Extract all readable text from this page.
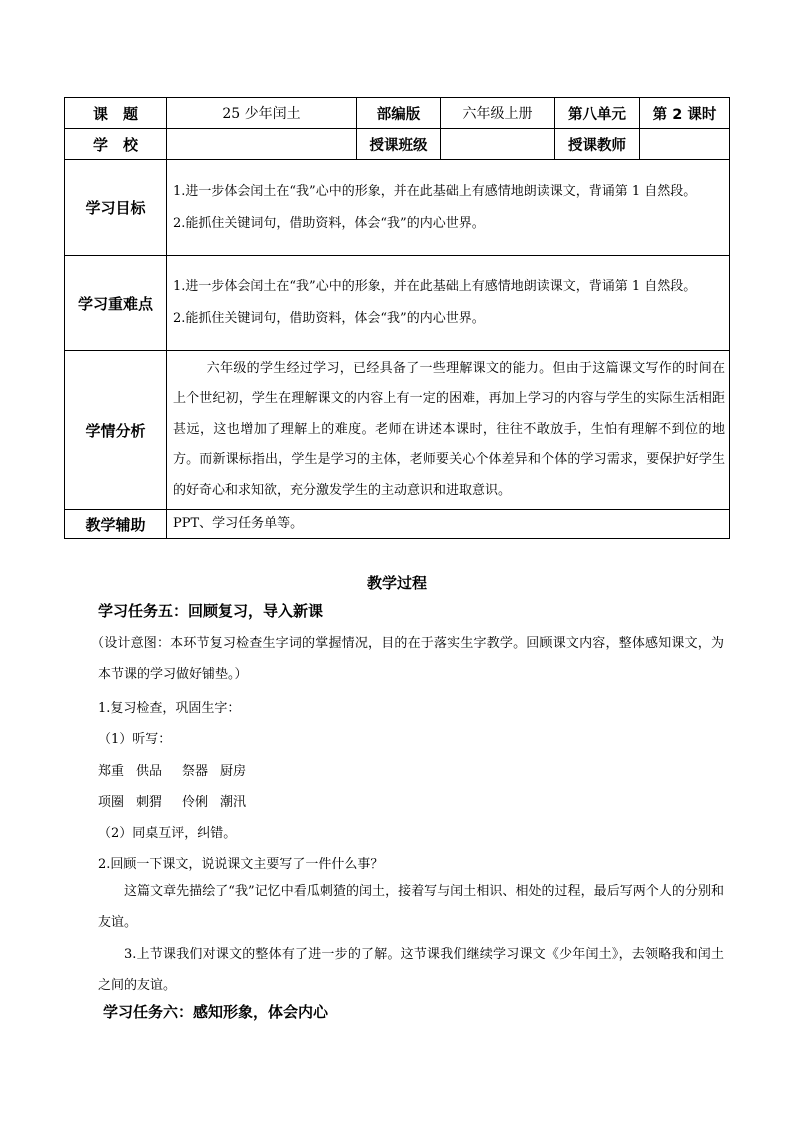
课　题	25 少年闰土	部编版	六年级上册	第八单元	第 2 课时
学　校		授课班级		授课教师	
学习目标	1.进一步体会闰土在“我”心中的形象，并在此基础上有感情地朗读课文，背诵第 1 自然段。

2.能抓住关键词句，借助资料，体会“我”的内心世界。				

学习重难点	1.进一步体会闰土在“我”心中的形象，并在此基础上有感情地朗读课文，背诵第 1 自然段。

2.能抓住关键词句，借助资料，体会“我”的内心世界。				

学情分析	六年级的学生经过学习，已经具备了一些理解课文的能力。但由于这篇课文写作的时间在上个世纪初，学生在理解课文的内容上有一定的困难，再加上学习的内容与学生的实际生活相距甚远，这也增加了理解上的难度。老师在讲述本课时，往往不敢放手，生怕有理解不到位的地方。而新课标指出，学生是学习的主体，老师要关心个体差异和个体的学习需求，要保护好学生的好奇心和求知欲，充分激发学生的主动意识和进取意识。				

教学辅助	PPT、学习任务单等。				
教学过程
学习任务五：回顾复习，导入新课

（设计意图：本环节复习检查生字词的掌握情况，目的在于落实生字教学。回顾课文内容，整体感知课文，为本节课的学习做好铺垫。）

1.复习检查，巩固生字：
（1）听写：
郑重 供品 祭器 厨房
项圈 刺猬 伶俐 潮汛
（2）同桌互评，纠错。
2.回顾一下课文，说说课文主要写了一件什么事？

这篇文章先描绘了“我”记忆中看瓜刺猹的闰土，接着写与闰土相识、相处的过程，最后写两个人的分别和友谊。

3.上节课我们对课文的整体有了进一步的了解。这节课我们继续学习课文《少年闰土》，去领略我和闰土之间的友谊。

学习任务六：感知形象，体会内心
